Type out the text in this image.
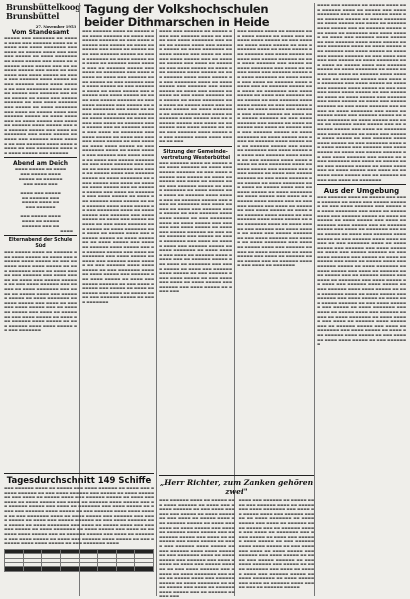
Brunsbüttelkoog
Brunsbüttel
27. November 1953
Tagung der Volkshochschulen
beider Dithmarschen in Heide
Vom Standesamt
▬▬▬▬▬ ▬▬▬ ▬▬▬▬▬▬▬ ▬▬ ▬▬▬▬▬ ▬▬▬▬ ▬▬▬ ▬▬▬▬▬▬ ▬▬▬▬ ▬▬ ▬▬▬▬▬ ▬▬▬ ▬▬▬▬ ▬▬▬▬▬▬▬ ▬▬▬ ▬▬▬▬ ▬▬ ▬▬▬▬▬ ▬▬▬▬ ▬▬▬ ▬▬▬▬▬▬ ▬▬▬▬▬ ▬▬ ▬▬▬▬ ▬▬▬▬▬▬▬ ▬▬ ▬▬▬▬ ▬▬▬▬▬ ▬▬▬ ▬▬▬▬ ▬▬ ▬▬▬▬▬▬ ▬▬▬▬ ▬▬▬▬▬ ▬▬▬ ▬▬ ▬▬▬▬▬▬ ▬▬▬▬▬ ▬▬▬ ▬▬▬▬ ▬▬ ▬▬▬▬▬▬▬ ▬▬▬ ▬▬▬▬ ▬▬▬▬▬ ▬▬ ▬▬▬▬ ▬▬▬ ▬▬▬▬▬▬ ▬▬▬▬ ▬▬▬▬▬ ▬▬ ▬▬▬ ▬▬▬▬▬▬ ▬▬▬▬ ▬▬▬▬ ▬▬▬▬▬ ▬▬ ▬▬▬ ▬▬▬▬▬▬▬ ▬▬▬▬ ▬▬ ▬▬▬▬ ▬▬▬▬▬ ▬▬▬ ▬▬▬▬▬▬ ▬▬▬ ▬▬▬▬ ▬▬▬▬▬ ▬▬ ▬▬▬▬ ▬▬▬ ▬▬▬▬▬ ▬▬▬▬▬▬ ▬▬ ▬▬▬ ▬▬▬▬ ▬▬▬▬▬▬ ▬▬▬ ▬▬▬▬▬ ▬▬ ▬▬▬▬ ▬▬▬▬▬▬▬ ▬▬▬ ▬▬▬▬ ▬▬ ▬▬▬▬▬ ▬▬▬▬ ▬▬▬ ▬▬▬▬▬▬ ▬▬▬▬▬ ▬▬ ▬▬▬▬ ▬▬▬▬▬▬▬ ▬▬ ▬▬▬▬ ▬▬▬▬▬ ▬▬▬ ▬▬▬▬ ▬▬ ▬▬▬▬▬▬ ▬▬▬▬ ▬▬▬▬▬ ▬▬▬ ▬▬ ▬▬▬▬▬▬ ▬▬▬▬▬ ▬▬▬ ▬▬▬▬ ▬▬ ▬▬▬▬▬▬▬ ▬▬▬ ▬▬▬▬ ▬▬▬▬▬ ▬▬ ▬▬▬▬ ▬▬▬ ▬▬▬▬▬▬ ▬▬▬▬ ▬▬▬▬▬ ▬▬ ▬▬▬ ▬▬▬▬▬▬ ▬▬▬▬ ▬▬▬▬ ▬▬▬▬▬ ▬▬ ▬▬▬ ▬▬▬▬▬▬▬ ▬▬▬▬ ▬▬ ▬▬▬▬ ▬▬▬▬▬ ▬▬▬ ▬▬▬▬▬▬
Abend am Deich
▬▬▬▬ ▬▬▬▬▬ ▬▬ ▬▬▬▬
▬▬▬ ▬▬▬▬▬ ▬▬▬▬
▬▬▬▬▬ ▬▬ ▬▬▬▬▬▬
▬▬▬ ▬▬▬▬ ▬▬▬

▬▬▬▬ ▬▬▬ ▬▬▬▬▬
▬▬ ▬▬▬▬▬▬ ▬▬▬
▬▬▬▬▬ ▬▬▬▬ ▬▬
▬▬▬ ▬▬▬▬▬▬

▬▬▬ ▬▬▬▬▬ ▬▬▬▬
▬▬▬▬ ▬▬ ▬▬▬▬▬
▬▬▬▬▬▬ ▬▬▬ ▬▬

▬▬▬▬
Elternabend der Schule Süd
▬▬▬ ▬▬▬▬▬ ▬▬▬▬ ▬▬ ▬▬▬▬▬▬ ▬▬▬ ▬▬▬▬ ▬▬▬▬▬ ▬▬ ▬▬▬▬ ▬▬▬ ▬▬▬▬▬▬ ▬▬▬▬ ▬▬▬▬▬ ▬▬ ▬▬▬ ▬▬▬▬▬▬ ▬▬▬▬ ▬▬▬▬ ▬▬▬▬▬ ▬▬ ▬▬▬ ▬▬▬▬▬▬▬ ▬▬▬▬ ▬▬ ▬▬▬▬ ▬▬▬▬▬ ▬▬▬ ▬▬▬▬▬▬ ▬▬▬ ▬▬▬▬ ▬▬▬▬▬ ▬▬ ▬▬▬▬ ▬▬▬ ▬▬▬▬▬ ▬▬▬▬▬▬ ▬▬ ▬▬▬ ▬▬▬▬ ▬▬▬▬▬▬ ▬▬▬ ▬▬▬▬▬ ▬▬ ▬▬▬▬ ▬▬▬▬▬▬▬ ▬▬▬ ▬▬▬▬ ▬▬ ▬▬▬▬▬ ▬▬▬▬ ▬▬▬ ▬▬▬▬▬▬ ▬▬▬▬▬ ▬▬ ▬▬▬▬ ▬▬▬▬▬▬▬ ▬▬ ▬▬▬▬ ▬▬▬▬▬ ▬▬▬ ▬▬▬▬ ▬▬ ▬▬▬▬▬▬ ▬▬▬▬ ▬▬▬▬▬ ▬▬▬ ▬▬ ▬▬▬▬▬▬ ▬▬▬▬▬ ▬▬▬ ▬▬▬▬ ▬▬ ▬▬▬▬▬▬▬ ▬▬▬ ▬▬▬▬ ▬▬▬▬▬ ▬▬ ▬▬▬▬ ▬▬▬ ▬▬▬▬▬▬ ▬▬▬▬ ▬▬▬▬▬ ▬▬ ▬▬▬ ▬▬▬▬▬▬ ▬▬▬▬ ▬▬▬▬ ▬▬▬▬▬ ▬▬ ▬▬▬ ▬▬▬▬▬▬▬
▬▬▬ ▬▬▬▬▬▬ ▬▬▬▬ ▬▬ ▬▬▬▬▬ ▬▬▬ ▬▬▬▬ ▬▬▬▬▬▬ ▬▬ ▬▬▬▬ ▬▬▬ ▬▬▬▬▬ ▬▬▬▬▬▬ ▬▬ ▬▬▬ ▬▬▬▬ ▬▬▬▬▬▬ ▬▬▬ ▬▬▬▬▬ ▬▬ ▬▬▬▬ ▬▬▬▬▬▬▬ ▬▬▬ ▬▬▬▬ ▬▬ ▬▬▬▬▬ ▬▬▬▬ ▬▬▬ ▬▬▬▬▬▬ ▬▬▬▬▬ ▬▬ ▬▬▬▬ ▬▬▬▬▬▬▬ ▬▬ ▬▬▬▬ ▬▬▬▬▬ ▬▬▬ ▬▬▬▬ ▬▬ ▬▬▬▬▬▬ ▬▬▬▬ ▬▬▬▬▬ ▬▬▬ ▬▬ ▬▬▬▬▬▬ ▬▬▬▬▬ ▬▬▬ ▬▬▬▬ ▬▬ ▬▬▬▬▬▬▬ ▬▬▬ ▬▬▬▬ ▬▬▬▬▬ ▬▬ ▬▬▬▬ ▬▬▬ ▬▬▬▬▬▬ ▬▬▬▬ ▬▬▬▬▬ ▬▬ ▬▬▬ ▬▬▬▬▬▬ ▬▬▬▬ ▬▬▬▬ ▬▬▬▬▬ ▬▬ ▬▬▬ ▬▬▬▬▬▬▬ ▬▬▬▬ ▬▬ ▬▬▬▬ ▬▬▬▬▬ ▬▬▬ ▬▬▬▬▬▬ ▬▬▬ ▬▬▬▬ ▬▬▬▬▬ ▬▬ ▬▬▬▬ ▬▬▬ ▬▬▬▬▬ ▬▬▬▬▬▬ ▬▬ ▬▬▬ ▬▬▬▬ ▬▬▬▬▬▬ ▬▬▬ ▬▬▬▬▬ ▬▬ ▬▬▬▬ ▬▬▬▬▬▬▬ ▬▬▬ ▬▬▬▬ ▬▬ ▬▬▬▬▬ ▬▬▬▬ ▬▬▬ ▬▬▬▬▬▬ ▬▬▬▬▬ ▬▬ ▬▬▬▬ ▬▬▬▬▬▬▬ ▬▬ ▬▬▬▬ ▬▬▬▬▬ ▬▬▬ ▬▬▬▬ ▬▬ ▬▬▬▬▬▬ ▬▬▬▬ ▬▬▬▬▬ ▬▬▬ ▬▬ ▬▬▬▬▬▬ ▬▬▬▬▬ ▬▬▬ ▬▬▬▬ ▬▬ ▬▬▬▬▬▬▬ ▬▬▬ ▬▬▬▬ ▬▬▬▬▬ ▬▬ ▬▬▬▬ ▬▬▬ ▬▬▬▬▬▬ ▬▬▬▬ ▬▬▬▬▬ ▬▬ ▬▬▬ ▬▬▬▬▬▬ ▬▬▬▬ ▬▬▬▬ ▬▬▬▬▬ ▬▬ ▬▬▬ ▬▬▬▬▬▬▬ ▬▬▬▬ ▬▬ ▬▬▬▬ ▬▬▬▬▬ ▬▬▬ ▬▬▬▬▬▬ ▬▬▬ ▬▬▬▬ ▬▬▬▬▬ ▬▬ ▬▬▬▬ ▬▬▬ ▬▬▬▬▬ ▬▬▬▬▬▬ ▬▬ ▬▬▬ ▬▬▬▬ ▬▬▬▬▬▬ ▬▬▬ ▬▬▬▬▬ ▬▬ ▬▬▬▬ ▬▬▬▬▬▬▬ ▬▬▬ ▬▬▬▬ ▬▬ ▬▬▬▬▬ ▬▬▬▬ ▬▬▬ ▬▬▬▬▬▬ ▬▬▬▬▬ ▬▬ ▬▬▬▬ ▬▬▬▬▬▬▬ ▬▬ ▬▬▬▬ ▬▬▬▬▬ ▬▬▬ ▬▬▬▬ ▬▬ ▬▬▬▬▬▬ ▬▬▬▬ ▬▬▬▬▬ ▬▬▬ ▬▬ ▬▬▬▬▬▬ ▬▬▬▬▬ ▬▬▬ ▬▬▬▬ ▬▬ ▬▬▬▬▬▬▬ ▬▬▬ ▬▬▬▬ ▬▬▬▬▬ ▬▬ ▬▬▬▬ ▬▬▬ ▬▬▬▬▬▬ ▬▬▬▬ ▬▬▬▬▬ ▬▬ ▬▬▬ ▬▬▬▬▬▬ ▬▬▬▬ ▬▬▬▬ ▬▬▬▬▬ ▬▬ ▬▬▬ ▬▬▬▬▬▬▬ ▬▬▬▬ ▬▬ ▬▬▬▬ ▬▬▬▬▬ ▬▬▬ ▬▬▬▬▬▬ ▬▬▬ ▬▬▬▬ ▬▬▬▬▬ ▬▬ ▬▬▬▬ ▬▬▬ ▬▬▬▬▬ ▬▬▬▬▬▬ ▬▬ ▬▬▬ ▬▬▬▬ ▬▬▬▬▬▬ ▬▬▬ ▬▬▬▬▬ ▬▬ ▬▬▬▬ ▬▬▬▬▬▬▬ ▬▬▬ ▬▬▬▬ ▬▬ ▬▬▬▬▬ ▬▬▬▬ ▬▬▬ ▬▬▬▬▬▬ ▬▬▬▬▬ ▬▬ ▬▬▬▬ ▬▬▬▬▬▬▬ ▬▬ ▬▬▬▬ ▬▬▬▬▬ ▬▬▬ ▬▬▬▬ ▬▬ ▬▬▬▬▬▬ ▬▬▬▬ ▬▬▬▬▬ ▬▬▬ ▬▬ ▬▬▬▬▬▬ ▬▬▬▬▬ ▬▬▬ ▬▬▬▬ ▬▬ ▬▬▬▬▬▬▬ ▬▬▬ ▬▬▬▬ ▬▬▬▬▬ ▬▬ ▬▬▬▬ ▬▬▬ ▬▬▬▬▬▬ ▬▬▬▬ ▬▬▬▬▬ ▬▬ ▬▬▬ ▬▬▬▬▬▬ ▬▬▬▬ ▬▬▬▬ ▬▬▬▬▬ ▬▬ ▬▬▬ ▬▬▬▬▬▬▬ ▬▬▬▬ ▬▬ ▬▬▬▬ ▬▬▬▬▬ ▬▬▬ ▬▬▬▬▬▬ ▬▬▬ ▬▬▬▬ ▬▬▬▬▬ ▬▬ ▬▬▬▬ ▬▬▬ ▬▬▬▬▬ ▬▬▬▬▬▬ ▬▬ ▬▬▬ ▬▬▬▬ ▬▬▬▬▬▬ ▬▬▬ ▬▬▬▬▬ ▬▬ ▬▬▬▬ ▬▬▬▬▬▬▬ ▬▬▬ ▬▬▬▬ ▬▬ ▬▬▬▬▬ ▬▬▬▬ ▬▬▬ ▬▬▬▬▬▬ ▬▬▬▬▬ ▬▬ ▬▬▬▬ ▬▬▬▬▬▬▬
▬▬▬▬ ▬▬▬ ▬▬▬▬▬▬ ▬▬ ▬▬▬▬▬ ▬▬▬▬ ▬▬▬ ▬▬▬▬▬▬ ▬▬▬▬ ▬▬ ▬▬▬▬▬ ▬▬▬ ▬▬▬▬ ▬▬▬▬▬▬▬ ▬▬▬ ▬▬▬▬ ▬▬ ▬▬▬▬▬ ▬▬▬▬ ▬▬▬ ▬▬▬▬▬▬ ▬▬▬▬▬ ▬▬ ▬▬▬▬ ▬▬▬▬▬▬▬ ▬▬ ▬▬▬▬ ▬▬▬▬▬ ▬▬▬ ▬▬▬▬ ▬▬ ▬▬▬▬▬▬ ▬▬▬▬ ▬▬▬▬▬ ▬▬▬ ▬▬ ▬▬▬▬▬▬ ▬▬▬▬▬ ▬▬▬ ▬▬▬▬ ▬▬ ▬▬▬▬▬▬▬ ▬▬▬ ▬▬▬▬ ▬▬▬▬▬ ▬▬ ▬▬▬▬ ▬▬▬ ▬▬▬▬▬▬ ▬▬▬▬ ▬▬▬▬▬ ▬▬ ▬▬▬ ▬▬▬▬▬▬ ▬▬▬▬ ▬▬▬▬ ▬▬▬▬▬ ▬▬ ▬▬▬ ▬▬▬▬▬▬▬ ▬▬▬▬ ▬▬ ▬▬▬▬ ▬▬▬▬▬ ▬▬▬ ▬▬▬▬▬▬ ▬▬▬ ▬▬▬▬ ▬▬▬▬▬ ▬▬ ▬▬▬▬ ▬▬▬ ▬▬▬▬▬ ▬▬▬▬▬▬ ▬▬ ▬▬▬ ▬▬▬▬ ▬▬▬▬▬▬ ▬▬▬ ▬▬▬▬▬ ▬▬ ▬▬▬▬ ▬▬▬▬▬▬▬ ▬▬▬ ▬▬▬▬ ▬▬ ▬▬▬▬▬ ▬▬▬▬ ▬▬▬ ▬▬▬▬▬▬ ▬▬▬▬▬ ▬▬ ▬▬▬▬ ▬▬▬▬▬▬▬ ▬▬ ▬▬▬▬ ▬▬▬▬▬ ▬▬▬ ▬▬▬▬ ▬▬ ▬▬▬▬▬▬ ▬▬▬▬ ▬▬▬▬▬ ▬▬▬ ▬▬ ▬▬▬▬▬▬ ▬▬▬▬▬ ▬▬▬ ▬▬▬▬ ▬▬ ▬▬▬▬▬▬▬ ▬▬▬ ▬▬▬▬ ▬▬▬▬▬ ▬▬ ▬▬▬▬ ▬▬▬ ▬▬▬▬▬▬ ▬▬▬▬ ▬▬▬▬▬ ▬▬ ▬▬▬ ▬▬▬▬▬▬ ▬▬▬▬ ▬▬▬▬ ▬▬▬▬▬ ▬▬ ▬▬▬
Sitzung der Gemeinde-vertretung Westerbüttel
▬▬▬ ▬▬▬▬▬▬ ▬▬▬▬ ▬▬ ▬▬▬▬▬ ▬▬▬ ▬▬▬▬ ▬▬▬▬▬▬ ▬▬ ▬▬▬▬ ▬▬▬ ▬▬▬▬▬ ▬▬▬▬▬▬ ▬▬ ▬▬▬ ▬▬▬▬ ▬▬▬▬▬▬ ▬▬▬ ▬▬▬▬▬ ▬▬ ▬▬▬▬ ▬▬▬▬▬▬▬ ▬▬▬ ▬▬▬▬ ▬▬ ▬▬▬▬▬ ▬▬▬▬ ▬▬▬ ▬▬▬▬▬▬ ▬▬▬▬▬ ▬▬ ▬▬▬▬ ▬▬▬▬▬▬▬ ▬▬ ▬▬▬▬ ▬▬▬▬▬ ▬▬▬ ▬▬▬▬ ▬▬ ▬▬▬▬▬▬ ▬▬▬▬ ▬▬▬▬▬ ▬▬▬ ▬▬ ▬▬▬▬▬▬ ▬▬▬▬▬ ▬▬▬ ▬▬▬▬ ▬▬ ▬▬▬▬▬▬▬ ▬▬▬ ▬▬▬▬ ▬▬▬▬▬ ▬▬ ▬▬▬▬ ▬▬▬ ▬▬▬▬▬▬ ▬▬▬▬ ▬▬▬▬▬ ▬▬ ▬▬▬ ▬▬▬▬▬▬ ▬▬▬▬ ▬▬▬▬ ▬▬▬▬▬ ▬▬ ▬▬▬ ▬▬▬▬▬▬▬ ▬▬▬▬ ▬▬ ▬▬▬▬ ▬▬▬▬▬ ▬▬▬ ▬▬▬▬▬▬ ▬▬▬ ▬▬▬▬ ▬▬▬▬▬ ▬▬ ▬▬▬▬ ▬▬▬ ▬▬▬▬▬ ▬▬▬▬▬▬ ▬▬ ▬▬▬ ▬▬▬▬ ▬▬▬▬▬▬ ▬▬▬ ▬▬▬▬▬ ▬▬ ▬▬▬▬ ▬▬▬▬▬▬▬ ▬▬▬ ▬▬▬▬ ▬▬ ▬▬▬▬▬ ▬▬▬▬ ▬▬▬ ▬▬▬▬▬▬ ▬▬▬▬▬ ▬▬ ▬▬▬▬ ▬▬▬▬▬▬▬ ▬▬ ▬▬▬▬ ▬▬▬▬▬ ▬▬▬ ▬▬▬▬ ▬▬ ▬▬▬▬▬▬ ▬▬▬▬ ▬▬▬▬▬ ▬▬▬ ▬▬ ▬▬▬▬▬▬ ▬▬▬▬▬ ▬▬▬ ▬▬▬▬ ▬▬ ▬▬▬▬▬▬▬ ▬▬▬ ▬▬▬▬ ▬▬▬▬▬ ▬▬ ▬▬▬▬ ▬▬▬ ▬▬▬▬▬▬ ▬▬▬▬ ▬▬▬▬▬ ▬▬ ▬▬▬ ▬▬▬▬▬▬ ▬▬▬▬ ▬▬▬▬ ▬▬▬▬▬ ▬▬ ▬▬▬ ▬▬▬▬▬▬▬ ▬▬▬▬ ▬▬ ▬▬▬▬ ▬▬▬▬▬ ▬▬▬ ▬▬▬▬▬▬ ▬▬▬ ▬▬▬▬ ▬▬▬▬▬ ▬▬ ▬▬▬▬ ▬▬▬
▬▬▬ ▬▬▬▬▬ ▬▬▬▬ ▬▬ ▬▬▬▬▬▬ ▬▬▬ ▬▬▬▬ ▬▬▬▬▬ ▬▬ ▬▬▬▬ ▬▬▬ ▬▬▬▬▬▬ ▬▬▬▬ ▬▬▬▬▬ ▬▬ ▬▬▬ ▬▬▬▬▬▬ ▬▬▬▬ ▬▬▬▬ ▬▬▬▬▬ ▬▬ ▬▬▬ ▬▬▬▬▬▬▬ ▬▬▬▬ ▬▬ ▬▬▬▬ ▬▬▬▬▬ ▬▬▬ ▬▬▬▬▬▬ ▬▬▬ ▬▬▬▬ ▬▬▬▬▬ ▬▬ ▬▬▬▬ ▬▬▬ ▬▬▬▬▬ ▬▬▬▬▬▬ ▬▬ ▬▬▬ ▬▬▬▬ ▬▬▬▬▬▬ ▬▬▬ ▬▬▬▬▬ ▬▬ ▬▬▬▬ ▬▬▬▬▬▬▬ ▬▬▬ ▬▬▬▬ ▬▬ ▬▬▬▬▬ ▬▬▬▬ ▬▬▬ ▬▬▬▬▬▬ ▬▬▬▬▬ ▬▬ ▬▬▬▬ ▬▬▬▬▬▬▬ ▬▬ ▬▬▬▬ ▬▬▬▬▬ ▬▬▬ ▬▬▬▬ ▬▬ ▬▬▬▬▬▬ ▬▬▬▬ ▬▬▬▬▬ ▬▬▬ ▬▬ ▬▬▬▬▬▬ ▬▬▬▬▬ ▬▬▬ ▬▬▬▬ ▬▬ ▬▬▬▬▬▬▬ ▬▬▬ ▬▬▬▬ ▬▬▬▬▬ ▬▬ ▬▬▬▬ ▬▬▬ ▬▬▬▬▬▬ ▬▬▬▬ ▬▬▬▬▬ ▬▬ ▬▬▬ ▬▬▬▬▬▬ ▬▬▬▬ ▬▬▬▬ ▬▬▬▬▬ ▬▬ ▬▬▬ ▬▬▬▬▬▬▬ ▬▬▬▬ ▬▬ ▬▬▬▬ ▬▬▬▬▬ ▬▬▬ ▬▬▬▬▬▬ ▬▬▬ ▬▬▬▬ ▬▬▬▬▬ ▬▬ ▬▬▬▬ ▬▬▬ ▬▬▬▬▬ ▬▬▬▬▬▬ ▬▬ ▬▬▬ ▬▬▬▬ ▬▬▬▬▬▬ ▬▬▬ ▬▬▬▬▬ ▬▬ ▬▬▬▬ ▬▬▬▬▬▬▬ ▬▬▬ ▬▬▬▬ ▬▬ ▬▬▬▬▬ ▬▬▬▬ ▬▬▬ ▬▬▬▬▬▬ ▬▬▬▬▬ ▬▬ ▬▬▬▬ ▬▬▬▬▬▬▬ ▬▬ ▬▬▬▬ ▬▬▬▬▬ ▬▬▬ ▬▬▬▬ ▬▬ ▬▬▬▬▬▬ ▬▬▬▬ ▬▬▬▬▬ ▬▬▬ ▬▬ ▬▬▬▬▬▬ ▬▬▬▬▬ ▬▬▬ ▬▬▬▬ ▬▬ ▬▬▬▬▬▬▬ ▬▬▬ ▬▬▬▬ ▬▬▬▬▬ ▬▬ ▬▬▬▬ ▬▬▬ ▬▬▬▬▬▬ ▬▬▬▬ ▬▬▬▬▬ ▬▬ ▬▬▬ ▬▬▬▬▬▬ ▬▬▬▬ ▬▬▬▬ ▬▬▬▬▬ ▬▬ ▬▬▬ ▬▬▬▬▬▬▬ ▬▬▬▬ ▬▬ ▬▬▬▬ ▬▬▬▬▬ ▬▬▬ ▬▬▬▬▬▬ ▬▬▬ ▬▬▬▬ ▬▬▬▬▬ ▬▬ ▬▬▬▬ ▬▬▬ ▬▬▬▬▬ ▬▬▬▬▬▬ ▬▬ ▬▬▬ ▬▬▬▬ ▬▬▬▬▬▬ ▬▬▬ ▬▬▬▬▬ ▬▬ ▬▬▬▬ ▬▬▬▬▬▬▬ ▬▬▬ ▬▬▬▬ ▬▬ ▬▬▬▬▬ ▬▬▬▬ ▬▬▬ ▬▬▬▬▬▬ ▬▬▬▬▬ ▬▬ ▬▬▬▬ ▬▬▬▬▬▬▬ ▬▬ ▬▬▬▬ ▬▬▬▬▬ ▬▬▬ ▬▬▬▬ ▬▬ ▬▬▬▬▬▬ ▬▬▬▬ ▬▬▬▬▬ ▬▬▬ ▬▬ ▬▬▬▬▬▬ ▬▬▬▬▬ ▬▬▬ ▬▬▬▬ ▬▬ ▬▬▬▬▬▬▬ ▬▬▬ ▬▬▬▬ ▬▬▬▬▬ ▬▬ ▬▬▬▬ ▬▬▬ ▬▬▬▬▬▬ ▬▬▬▬ ▬▬▬▬▬ ▬▬ ▬▬▬ ▬▬▬▬▬▬ ▬▬▬▬ ▬▬▬▬ ▬▬▬▬▬ ▬▬ ▬▬▬ ▬▬▬▬▬▬▬ ▬▬▬▬ ▬▬ ▬▬▬▬ ▬▬▬▬▬ ▬▬▬ ▬▬▬▬▬▬ ▬▬▬ ▬▬▬▬ ▬▬▬▬▬ ▬▬ ▬▬▬▬ ▬▬▬ ▬▬▬▬▬ ▬▬▬▬▬▬ ▬▬ ▬▬▬ ▬▬▬▬ ▬▬▬▬▬▬ ▬▬▬ ▬▬▬▬▬ ▬▬ ▬▬▬▬ ▬▬▬▬▬▬▬ ▬▬▬ ▬▬▬▬ ▬▬ ▬▬▬▬▬ ▬▬▬▬ ▬▬▬ ▬▬▬▬▬▬ ▬▬▬▬▬ ▬▬ ▬▬▬▬ ▬▬▬▬▬▬▬ ▬▬ ▬▬▬▬ ▬▬▬▬▬ ▬▬▬ ▬▬▬▬ ▬▬ ▬▬▬▬▬▬ ▬▬▬▬ ▬▬▬▬▬ ▬▬▬ ▬▬ ▬▬▬▬▬▬ ▬▬▬▬▬ ▬▬▬ ▬▬▬▬ ▬▬ ▬▬▬▬▬▬▬
▬▬▬▬ ▬▬▬ ▬▬▬▬▬▬ ▬▬ ▬▬▬▬▬ ▬▬▬▬ ▬▬▬ ▬▬▬▬▬▬ ▬▬▬▬ ▬▬ ▬▬▬▬▬ ▬▬▬ ▬▬▬▬ ▬▬▬▬▬▬▬ ▬▬▬ ▬▬▬▬ ▬▬ ▬▬▬▬▬ ▬▬▬▬ ▬▬▬ ▬▬▬▬▬▬ ▬▬▬▬▬ ▬▬ ▬▬▬▬ ▬▬▬▬▬▬▬ ▬▬ ▬▬▬▬ ▬▬▬▬▬ ▬▬▬ ▬▬▬▬ ▬▬ ▬▬▬▬▬▬ ▬▬▬▬ ▬▬▬▬▬ ▬▬▬ ▬▬ ▬▬▬▬▬▬ ▬▬▬▬▬ ▬▬▬ ▬▬▬▬ ▬▬ ▬▬▬▬▬▬▬ ▬▬▬ ▬▬▬▬ ▬▬▬▬▬ ▬▬ ▬▬▬▬ ▬▬▬ ▬▬▬▬▬▬ ▬▬▬▬ ▬▬▬▬▬ ▬▬ ▬▬▬ ▬▬▬▬▬▬ ▬▬▬▬ ▬▬▬▬ ▬▬▬▬▬ ▬▬ ▬▬▬ ▬▬▬▬▬▬▬ ▬▬▬▬ ▬▬ ▬▬▬▬ ▬▬▬▬▬ ▬▬▬ ▬▬▬▬▬▬ ▬▬▬ ▬▬▬▬ ▬▬▬▬▬ ▬▬ ▬▬▬▬ ▬▬▬ ▬▬▬▬▬ ▬▬▬▬▬▬ ▬▬ ▬▬▬ ▬▬▬▬ ▬▬▬▬▬▬ ▬▬▬ ▬▬▬▬▬ ▬▬ ▬▬▬▬ ▬▬▬▬▬▬▬ ▬▬▬ ▬▬▬▬ ▬▬ ▬▬▬▬▬ ▬▬▬▬ ▬▬▬ ▬▬▬▬▬▬ ▬▬▬▬▬ ▬▬ ▬▬▬▬ ▬▬▬▬▬▬▬ ▬▬ ▬▬▬▬ ▬▬▬▬▬ ▬▬▬ ▬▬▬▬ ▬▬ ▬▬▬▬▬▬ ▬▬▬▬ ▬▬▬▬▬ ▬▬▬ ▬▬ ▬▬▬▬▬▬ ▬▬▬▬▬ ▬▬▬ ▬▬▬▬ ▬▬ ▬▬▬▬▬▬▬ ▬▬▬ ▬▬▬▬ ▬▬▬▬▬ ▬▬ ▬▬▬▬ ▬▬▬ ▬▬▬▬▬▬ ▬▬▬▬ ▬▬▬▬▬ ▬▬ ▬▬▬ ▬▬▬▬▬▬ ▬▬▬▬ ▬▬▬▬ ▬▬▬▬▬ ▬▬ ▬▬▬ ▬▬▬▬▬▬▬ ▬▬▬▬ ▬▬ ▬▬▬▬ ▬▬▬▬▬ ▬▬▬ ▬▬▬▬▬▬ ▬▬▬ ▬▬▬▬ ▬▬▬▬▬ ▬▬ ▬▬▬▬ ▬▬▬ ▬▬▬▬▬ ▬▬▬▬▬▬ ▬▬ ▬▬▬ ▬▬▬▬ ▬▬▬▬▬▬ ▬▬▬ ▬▬▬▬▬ ▬▬ ▬▬▬▬ ▬▬▬▬▬▬▬ ▬▬▬ ▬▬▬▬ ▬▬ ▬▬▬▬▬ ▬▬▬▬ ▬▬▬ ▬▬▬▬▬▬ ▬▬▬▬▬ ▬▬ ▬▬▬▬ ▬▬▬▬▬▬▬ ▬▬ ▬▬▬▬ ▬▬▬▬▬ ▬▬▬ ▬▬▬▬ ▬▬ ▬▬▬▬▬▬ ▬▬▬▬ ▬▬▬▬▬ ▬▬▬ ▬▬ ▬▬▬▬▬▬ ▬▬▬▬▬ ▬▬▬ ▬▬▬▬ ▬▬ ▬▬▬▬▬▬▬ ▬▬▬ ▬▬▬▬ ▬▬▬▬▬ ▬▬ ▬▬▬▬ ▬▬▬ ▬▬▬▬▬▬ ▬▬▬▬ ▬▬▬▬▬ ▬▬ ▬▬▬ ▬▬▬▬▬▬ ▬▬▬▬ ▬▬▬▬ ▬▬▬▬▬ ▬▬ ▬▬▬ ▬▬▬▬▬▬▬ ▬▬▬▬ ▬▬ ▬▬▬▬ ▬▬▬▬▬ ▬▬▬ ▬▬▬▬▬▬ ▬▬▬ ▬▬▬▬ ▬▬▬▬▬ ▬▬ ▬▬▬▬ ▬▬▬ ▬▬▬▬▬ ▬▬▬▬▬▬ ▬▬ ▬▬▬ ▬▬▬▬ ▬▬▬▬▬▬ ▬▬▬ ▬▬▬▬▬ ▬▬ ▬▬▬▬ ▬▬▬▬▬▬▬ ▬▬▬ ▬▬▬▬ ▬▬ ▬▬▬▬▬ ▬▬▬▬ ▬▬▬ ▬▬▬▬▬▬ ▬▬▬▬▬ ▬▬ ▬▬▬▬ ▬▬▬▬▬▬▬ ▬▬ ▬▬▬▬ ▬▬▬▬▬ ▬▬▬ ▬▬▬▬ ▬▬ ▬▬▬▬▬▬ ▬▬▬▬ ▬▬▬▬▬ ▬▬▬ ▬▬ ▬▬▬▬▬▬ ▬▬▬▬▬ ▬▬▬ ▬▬▬▬ ▬▬ ▬▬▬▬▬▬▬
Aus der Umgebung
▬▬▬ ▬▬▬▬▬▬ ▬▬▬▬ ▬▬ ▬▬▬▬▬ ▬▬▬ ▬▬▬▬ ▬▬▬▬▬▬ ▬▬ ▬▬▬▬ ▬▬▬ ▬▬▬▬▬ ▬▬▬▬▬▬ ▬▬ ▬▬▬ ▬▬▬▬ ▬▬▬▬▬▬ ▬▬▬ ▬▬▬▬▬ ▬▬ ▬▬▬▬ ▬▬▬▬▬▬▬ ▬▬▬ ▬▬▬▬ ▬▬ ▬▬▬▬▬ ▬▬▬▬ ▬▬▬ ▬▬▬▬▬▬ ▬▬▬▬▬ ▬▬ ▬▬▬▬ ▬▬▬▬▬▬▬ ▬▬ ▬▬▬▬ ▬▬▬▬▬ ▬▬▬ ▬▬▬▬ ▬▬ ▬▬▬▬▬▬ ▬▬▬▬ ▬▬▬▬▬ ▬▬▬ ▬▬ ▬▬▬▬▬▬ ▬▬▬▬▬ ▬▬▬ ▬▬▬▬ ▬▬ ▬▬▬▬▬▬▬ ▬▬▬ ▬▬▬▬ ▬▬▬▬▬ ▬▬ ▬▬▬▬ ▬▬▬ ▬▬▬▬▬▬ ▬▬▬▬ ▬▬▬▬▬ ▬▬ ▬▬▬ ▬▬▬▬▬▬ ▬▬▬▬ ▬▬▬▬ ▬▬▬▬▬ ▬▬ ▬▬▬ ▬▬▬▬▬▬▬ ▬▬▬▬ ▬▬ ▬▬▬▬ ▬▬▬▬▬ ▬▬▬ ▬▬▬▬▬▬ ▬▬▬ ▬▬▬▬ ▬▬▬▬▬ ▬▬ ▬▬▬▬ ▬▬▬ ▬▬▬▬▬ ▬▬▬▬▬▬ ▬▬ ▬▬▬ ▬▬▬▬ ▬▬▬▬▬▬ ▬▬▬ ▬▬▬▬▬ ▬▬ ▬▬▬▬ ▬▬▬▬▬▬▬ ▬▬▬ ▬▬▬▬ ▬▬ ▬▬▬▬▬ ▬▬▬▬ ▬▬▬ ▬▬▬▬▬▬ ▬▬▬▬▬ ▬▬ ▬▬▬▬ ▬▬▬▬▬▬▬ ▬▬ ▬▬▬▬ ▬▬▬▬▬ ▬▬▬ ▬▬▬▬ ▬▬ ▬▬▬▬▬▬ ▬▬▬▬ ▬▬▬▬▬ ▬▬▬ ▬▬ ▬▬▬▬▬▬ ▬▬▬▬▬ ▬▬▬ ▬▬▬▬ ▬▬ ▬▬▬▬▬▬▬ ▬▬▬ ▬▬▬▬ ▬▬▬▬▬ ▬▬ ▬▬▬▬ ▬▬▬ ▬▬▬▬▬▬ ▬▬▬▬ ▬▬▬▬▬ ▬▬ ▬▬▬ ▬▬▬▬▬▬ ▬▬▬▬ ▬▬▬▬ ▬▬▬▬▬ ▬▬ ▬▬▬ ▬▬▬▬▬▬▬ ▬▬▬▬ ▬▬ ▬▬▬▬ ▬▬▬▬▬ ▬▬▬ ▬▬▬▬▬▬ ▬▬▬ ▬▬▬▬ ▬▬▬▬▬ ▬▬ ▬▬▬▬ ▬▬▬ ▬▬▬▬▬ ▬▬▬▬▬▬ ▬▬ ▬▬▬ ▬▬▬▬ ▬▬▬▬▬▬ ▬▬▬ ▬▬▬▬▬ ▬▬ ▬▬▬▬ ▬▬▬▬▬▬▬ ▬▬▬ ▬▬▬▬ ▬▬ ▬▬▬▬▬ ▬▬▬▬ ▬▬▬ ▬▬▬▬▬▬ ▬▬▬▬▬ ▬▬ ▬▬▬▬ ▬▬▬▬▬▬▬ ▬▬ ▬▬▬▬ ▬▬▬▬▬ ▬▬▬ ▬▬▬▬ ▬▬ ▬▬▬▬▬▬ ▬▬▬▬ ▬▬▬▬▬ ▬▬▬ ▬▬ ▬▬▬▬▬▬ ▬▬▬▬▬ ▬▬▬ ▬▬▬▬ ▬▬ ▬▬▬▬▬▬▬ ▬▬▬ ▬▬▬▬ ▬▬▬▬▬ ▬▬ ▬▬▬▬ ▬▬▬ ▬▬▬▬▬▬ ▬▬▬▬ ▬▬▬▬▬ ▬▬ ▬▬▬ ▬▬▬▬▬▬ ▬▬▬▬ ▬▬▬▬ ▬▬▬▬▬ ▬▬ ▬▬▬ ▬▬▬▬▬▬▬
Tagesdurchschnitt 149 Schiffe
▬▬▬ ▬▬▬▬▬▬ ▬▬▬▬ ▬▬ ▬▬▬▬▬ ▬▬▬ ▬▬▬▬ ▬▬▬▬▬▬ ▬▬ ▬▬▬▬ ▬▬▬ ▬▬▬▬▬ ▬▬▬▬▬▬ ▬▬ ▬▬▬ ▬▬▬▬ ▬▬▬▬▬▬ ▬▬▬ ▬▬▬▬▬ ▬▬ ▬▬▬▬ ▬▬▬▬▬▬▬ ▬▬▬ ▬▬▬▬ ▬▬ ▬▬▬▬▬ ▬▬▬▬ ▬▬▬ ▬▬▬▬▬▬ ▬▬▬▬▬ ▬▬ ▬▬▬▬ ▬▬▬▬▬▬▬ ▬▬ ▬▬▬▬ ▬▬▬▬▬ ▬▬▬ ▬▬▬▬ ▬▬ ▬▬▬▬▬▬ ▬▬▬▬ ▬▬▬▬▬ ▬▬▬ ▬▬ ▬▬▬▬▬▬ ▬▬▬▬▬ ▬▬▬ ▬▬▬▬ ▬▬ ▬▬▬▬▬▬▬ ▬▬▬ ▬▬▬▬ ▬▬▬▬▬ ▬▬ ▬▬▬▬ ▬▬▬ ▬▬▬▬▬▬ ▬▬▬▬ ▬▬▬▬▬ ▬▬ ▬▬▬ ▬▬▬▬▬▬ ▬▬▬▬ ▬▬▬▬ ▬▬▬▬▬ ▬▬ ▬▬▬ ▬▬▬▬▬▬▬ ▬▬▬▬ ▬▬ ▬▬▬▬ ▬▬▬▬▬ ▬▬▬ ▬▬▬▬▬▬ ▬▬▬ ▬▬▬▬ ▬▬▬▬▬ ▬▬ ▬▬▬▬ ▬▬▬ ▬▬▬▬▬ ▬▬▬▬▬▬ ▬▬ ▬▬▬ ▬▬▬▬ ▬▬▬▬▬▬ ▬▬▬ ▬▬▬▬▬ ▬▬ ▬▬▬▬ ▬▬▬▬▬▬▬ ▬▬▬ ▬▬▬▬ ▬▬ ▬▬▬▬▬ ▬▬▬▬ ▬▬▬ ▬▬▬▬▬▬ ▬▬▬▬▬ ▬▬ ▬▬▬▬ ▬▬▬▬▬▬▬ ▬▬ ▬▬▬▬ ▬▬▬▬▬ ▬▬▬ ▬▬▬▬ ▬▬ ▬▬▬▬▬▬ ▬▬▬▬ ▬▬▬▬▬ ▬▬▬ ▬▬ ▬▬▬▬▬▬ ▬▬▬▬▬ ▬▬▬ ▬▬▬▬ ▬▬ ▬▬▬▬▬▬▬ ▬▬▬ ▬▬▬▬ ▬▬▬▬▬ ▬▬ ▬▬▬▬ ▬▬▬ ▬▬▬▬▬▬ ▬▬▬▬ ▬▬▬▬▬ ▬▬ ▬▬▬ ▬▬▬▬▬▬ ▬▬▬▬ ▬▬▬▬ ▬▬▬▬▬ ▬▬ ▬▬▬ ▬▬▬▬▬▬▬ ▬▬▬▬

„Herr Richter, zum Zanken gehören zwei"
▬▬▬ ▬▬▬▬▬▬ ▬▬▬▬ ▬▬ ▬▬▬▬▬ ▬▬▬ ▬▬▬▬ ▬▬▬▬▬▬ ▬▬ ▬▬▬▬ ▬▬▬ ▬▬▬▬▬ ▬▬▬▬▬▬ ▬▬ ▬▬▬ ▬▬▬▬ ▬▬▬▬▬▬ ▬▬▬ ▬▬▬▬▬ ▬▬ ▬▬▬▬ ▬▬▬▬▬▬▬ ▬▬▬ ▬▬▬▬ ▬▬ ▬▬▬▬▬ ▬▬▬▬ ▬▬▬ ▬▬▬▬▬▬ ▬▬▬▬▬ ▬▬ ▬▬▬▬ ▬▬▬▬▬▬▬ ▬▬ ▬▬▬▬ ▬▬▬▬▬ ▬▬▬ ▬▬▬▬ ▬▬ ▬▬▬▬▬▬ ▬▬▬▬ ▬▬▬▬▬ ▬▬▬ ▬▬ ▬▬▬▬▬▬ ▬▬▬▬▬ ▬▬▬ ▬▬▬▬ ▬▬ ▬▬▬▬▬▬▬ ▬▬▬ ▬▬▬▬ ▬▬▬▬▬ ▬▬ ▬▬▬▬ ▬▬▬ ▬▬▬▬▬▬ ▬▬▬▬ ▬▬▬▬▬ ▬▬ ▬▬▬ ▬▬▬▬▬▬ ▬▬▬▬ ▬▬▬▬ ▬▬▬▬▬ ▬▬ ▬▬▬ ▬▬▬▬▬▬▬ ▬▬▬▬ ▬▬ ▬▬▬▬ ▬▬▬▬▬ ▬▬▬ ▬▬▬▬▬▬ ▬▬▬ ▬▬▬▬ ▬▬▬▬▬ ▬▬ ▬▬▬▬ ▬▬▬ ▬▬▬▬▬ ▬▬▬▬▬▬ ▬▬ ▬▬▬ ▬▬▬▬ ▬▬▬▬▬▬ ▬▬▬ ▬▬▬▬▬ ▬▬ ▬▬▬▬ ▬▬▬▬▬▬▬ ▬▬▬ ▬▬▬▬ ▬▬ ▬▬▬▬▬ ▬▬▬▬ ▬▬▬ ▬▬▬▬▬▬ ▬▬▬▬▬ ▬▬ ▬▬▬▬ ▬▬▬▬▬▬▬ ▬▬ ▬▬▬▬ ▬▬▬▬▬ ▬▬▬ ▬▬▬▬ ▬▬ ▬▬▬▬▬▬ ▬▬▬▬ ▬▬▬▬▬ ▬▬▬ ▬▬ ▬▬▬▬▬▬ ▬▬▬▬▬ ▬▬▬
▬▬▬▬ ▬▬▬ ▬▬▬▬▬▬ ▬▬ ▬▬▬▬▬ ▬▬▬▬ ▬▬▬ ▬▬▬▬▬▬ ▬▬▬▬ ▬▬ ▬▬▬▬▬ ▬▬▬ ▬▬▬▬ ▬▬▬▬▬▬▬ ▬▬▬ ▬▬▬▬ ▬▬ ▬▬▬▬▬ ▬▬▬▬ ▬▬▬ ▬▬▬▬▬▬ ▬▬▬▬▬ ▬▬ ▬▬▬▬ ▬▬▬▬▬▬▬ ▬▬ ▬▬▬▬ ▬▬▬▬▬ ▬▬▬ ▬▬▬▬ ▬▬ ▬▬▬▬▬▬ ▬▬▬▬ ▬▬▬▬▬ ▬▬▬ ▬▬ ▬▬▬▬▬▬ ▬▬▬▬▬ ▬▬▬ ▬▬▬▬ ▬▬ ▬▬▬▬▬▬▬ ▬▬▬ ▬▬▬▬ ▬▬▬▬▬ ▬▬ ▬▬▬▬ ▬▬▬ ▬▬▬▬▬▬ ▬▬▬▬ ▬▬▬▬▬ ▬▬ ▬▬▬ ▬▬▬▬▬▬ ▬▬▬▬ ▬▬▬▬ ▬▬▬▬▬ ▬▬ ▬▬▬ ▬▬▬▬▬▬▬ ▬▬▬▬ ▬▬ ▬▬▬▬ ▬▬▬▬▬ ▬▬▬ ▬▬▬▬▬▬ ▬▬▬ ▬▬▬▬ ▬▬▬▬▬ ▬▬ ▬▬▬▬ ▬▬▬ ▬▬▬▬▬ ▬▬▬▬▬▬ ▬▬ ▬▬▬ ▬▬▬▬ ▬▬▬▬▬▬ ▬▬▬ ▬▬▬▬▬ ▬▬ ▬▬▬▬ ▬▬▬▬▬▬▬ ▬▬▬ ▬▬▬▬ ▬▬ ▬▬▬▬▬ ▬▬▬▬ ▬▬▬ ▬▬▬▬▬▬ ▬▬▬▬▬ ▬▬ ▬▬▬▬ ▬▬▬▬▬▬▬ ▬▬ ▬▬▬▬ ▬▬▬▬▬ ▬▬▬ ▬▬▬▬ ▬▬ ▬▬▬▬▬▬ ▬▬▬▬ ▬▬▬▬▬ ▬▬▬ ▬▬ ▬▬▬▬▬▬ ▬▬▬▬▬
